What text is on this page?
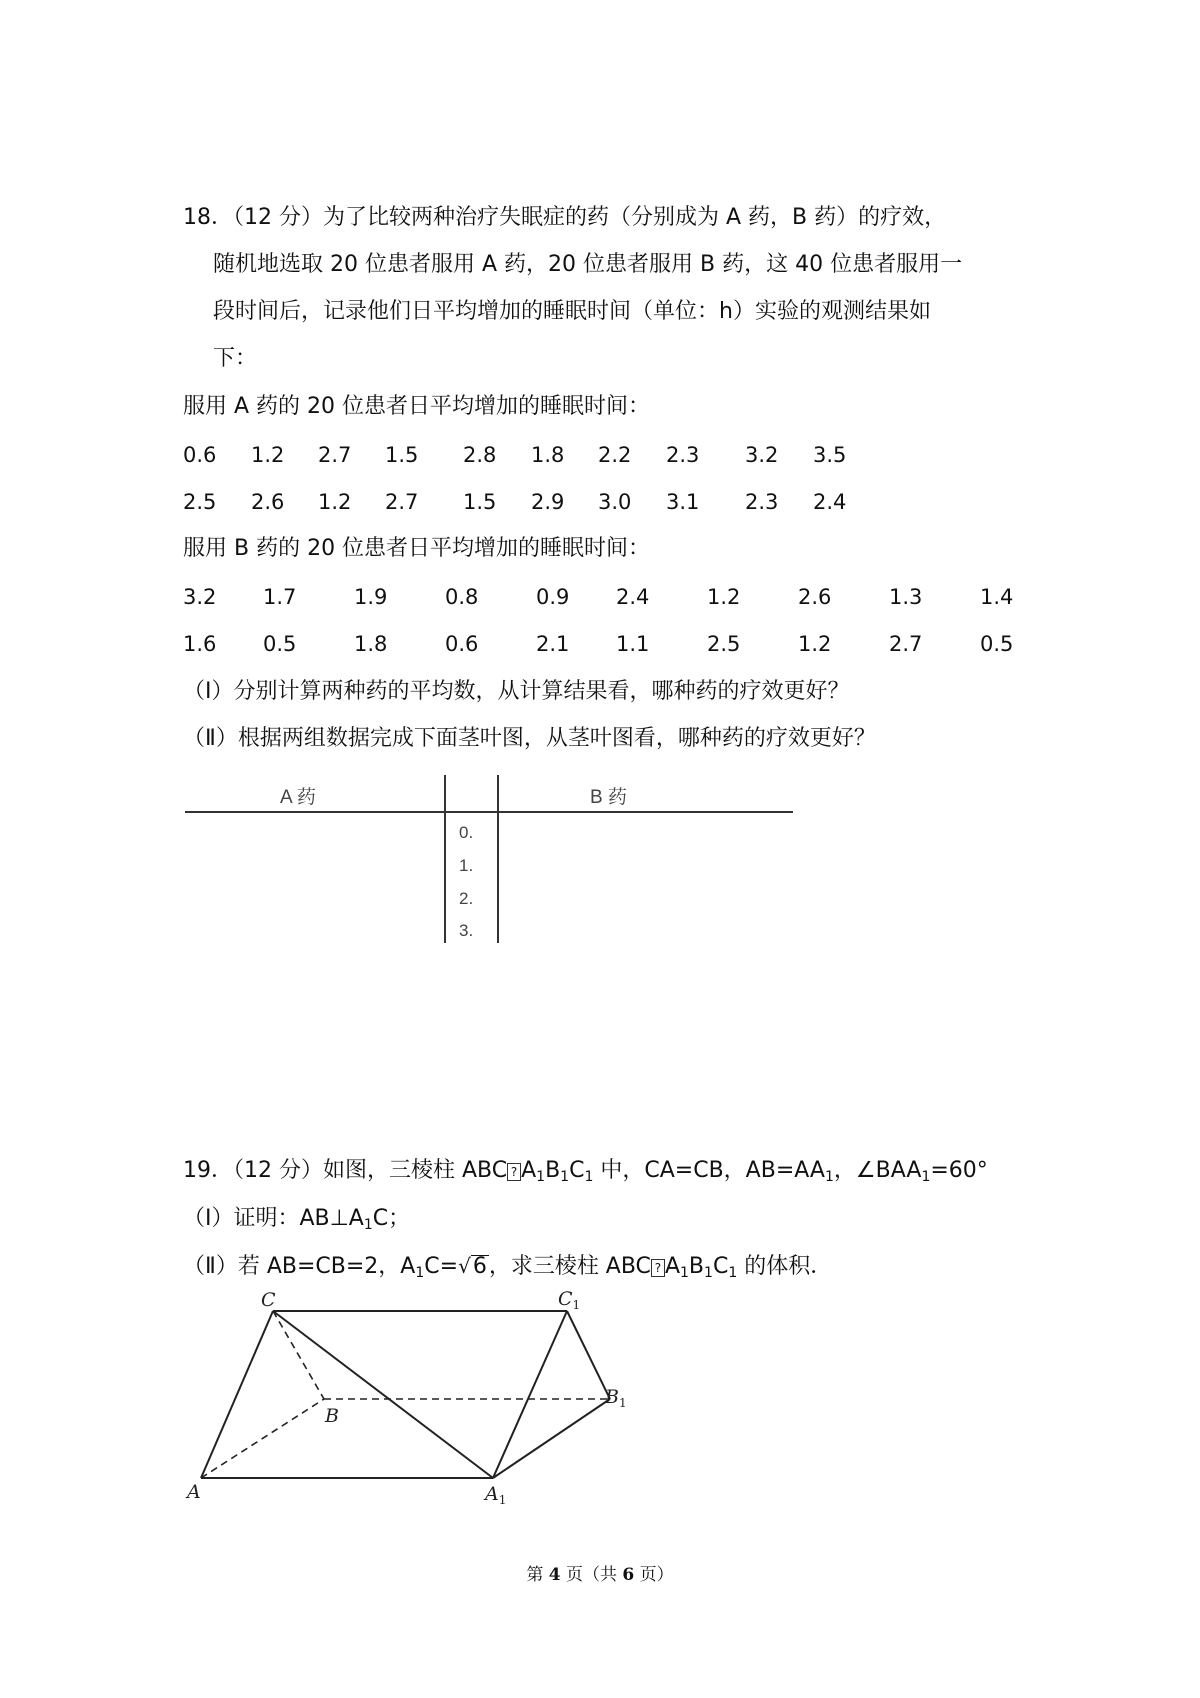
18．（12 分）为了比较两种治疗失眠症的药（分别成为 A 药，B 药）的疗效，
随机地选取 20 位患者服用 A 药，20 位患者服用 B 药，这 40 位患者服用一
段时间后，记录他们日平均增加的睡眠时间（单位：h）实验的观测结果如
下：
服用 A 药的 20 位患者日平均增加的睡眠时间：
0.6 1.2 2.7 1.5 2.8 1.8 2.2 2.3 3.2 3.5
2.5 2.6 1.2 2.7 1.5 2.9 3.0 3.1 2.3 2.4
服用 B 药的 20 位患者日平均增加的睡眠时间：
3.2 1.7	1.9	0.8	0.9 2.4	1.2	2.6	1.3	1.4
1.6 0.5	1.8	0.6	2.1 1.1	2.5	1.2	2.7	0.5
（Ⅰ）分别计算两种药的平均数，从计算结果看，哪种药的疗效更好？
（Ⅱ）根据两组数据完成下面茎叶图，从茎叶图看，哪种药的疗效更好？
A 药	B 药
0.
1.
2.
3.
19．（12 分）如图，三棱柱 ABC ? $A_1B_1C_1$ 中，CA=CB，$AB=AA_1$，$\angle BAA_1=60^\circ$
（Ⅰ）证明：$AB\perp A_1C$；
（Ⅱ）若 AB=CB=2，$A_1C=√6$，求三棱柱 ABC ? $A_1B_1C_1$ 的体积．
C
B
A
$C_1$
$B_1$
$A_1$
第 4 页（共 6 页）
